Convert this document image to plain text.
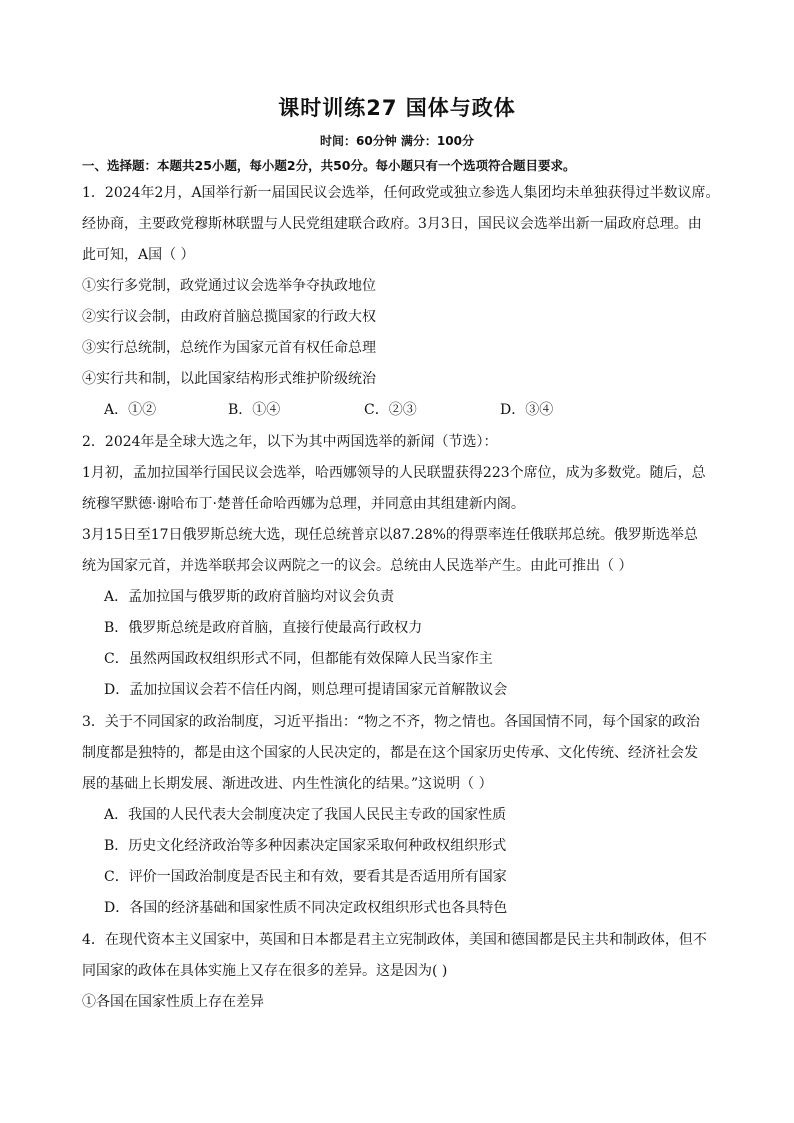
课时训练27 国体与政体
时间：60分钟 满分：100分
一、选择题：本题共25小题，每小题2分，共50分。每小题只有一个选项符合题目要求。
1．2024年2月，A国举行新一届国民议会选举，任何政党或独立参选人集团均未单独获得过半数议席。
经协商，主要政党穆斯林联盟与人民党组建联合政府。3月3日，国民议会选举出新一届政府总理。由
此可知，A国（ ）
①实行多党制，政党通过议会选举争夺执政地位
②实行议会制，由政府首脑总揽国家的行政大权
③实行总统制，总统作为国家元首有权任命总理
④实行共和制，以此国家结构形式维护阶级统治
A．①②	B．①④	C．②③	D．③④
2．2024年是全球大选之年，以下为其中两国选举的新闻（节选）：
1月初，孟加拉国举行国民议会选举，哈西娜领导的人民联盟获得223个席位，成为多数党。随后，总
统穆罕默德·谢哈布丁·楚普任命哈西娜为总理，并同意由其组建新内阁。
3月15日至17日俄罗斯总统大选，现任总统普京以87.28%的得票率连任俄联邦总统。俄罗斯选举总
统为国家元首，并选举联邦会议两院之一的议会。总统由人民选举产生。由此可推出（ ）
A．孟加拉国与俄罗斯的政府首脑均对议会负责
B．俄罗斯总统是政府首脑，直接行使最高行政权力
C．虽然两国政权组织形式不同，但都能有效保障人民当家作主
D．孟加拉国议会若不信任内阁，则总理可提请国家元首解散议会
3．关于不同国家的政治制度，习近平指出：“物之不齐，物之情也。各国国情不同，每个国家的政治
制度都是独特的，都是由这个国家的人民决定的，都是在这个国家历史传承、文化传统、经济社会发
展的基础上长期发展、渐进改进、内生性演化的结果。”这说明（ ）
A．我国的人民代表大会制度决定了我国人民民主专政的国家性质
B．历史文化经济政治等多种因素决定国家采取何种政权组织形式
C．评价一国政治制度是否民主和有效，要看其是否适用所有国家
D．各国的经济基础和国家性质不同决定政权组织形式也各具特色
4．在现代资本主义国家中，英国和日本都是君主立宪制政体，美国和德国都是民主共和制政体，但不
同国家的政体在具体实施上又存在很多的差异。这是因为( )
①各国在国家性质上存在差异
